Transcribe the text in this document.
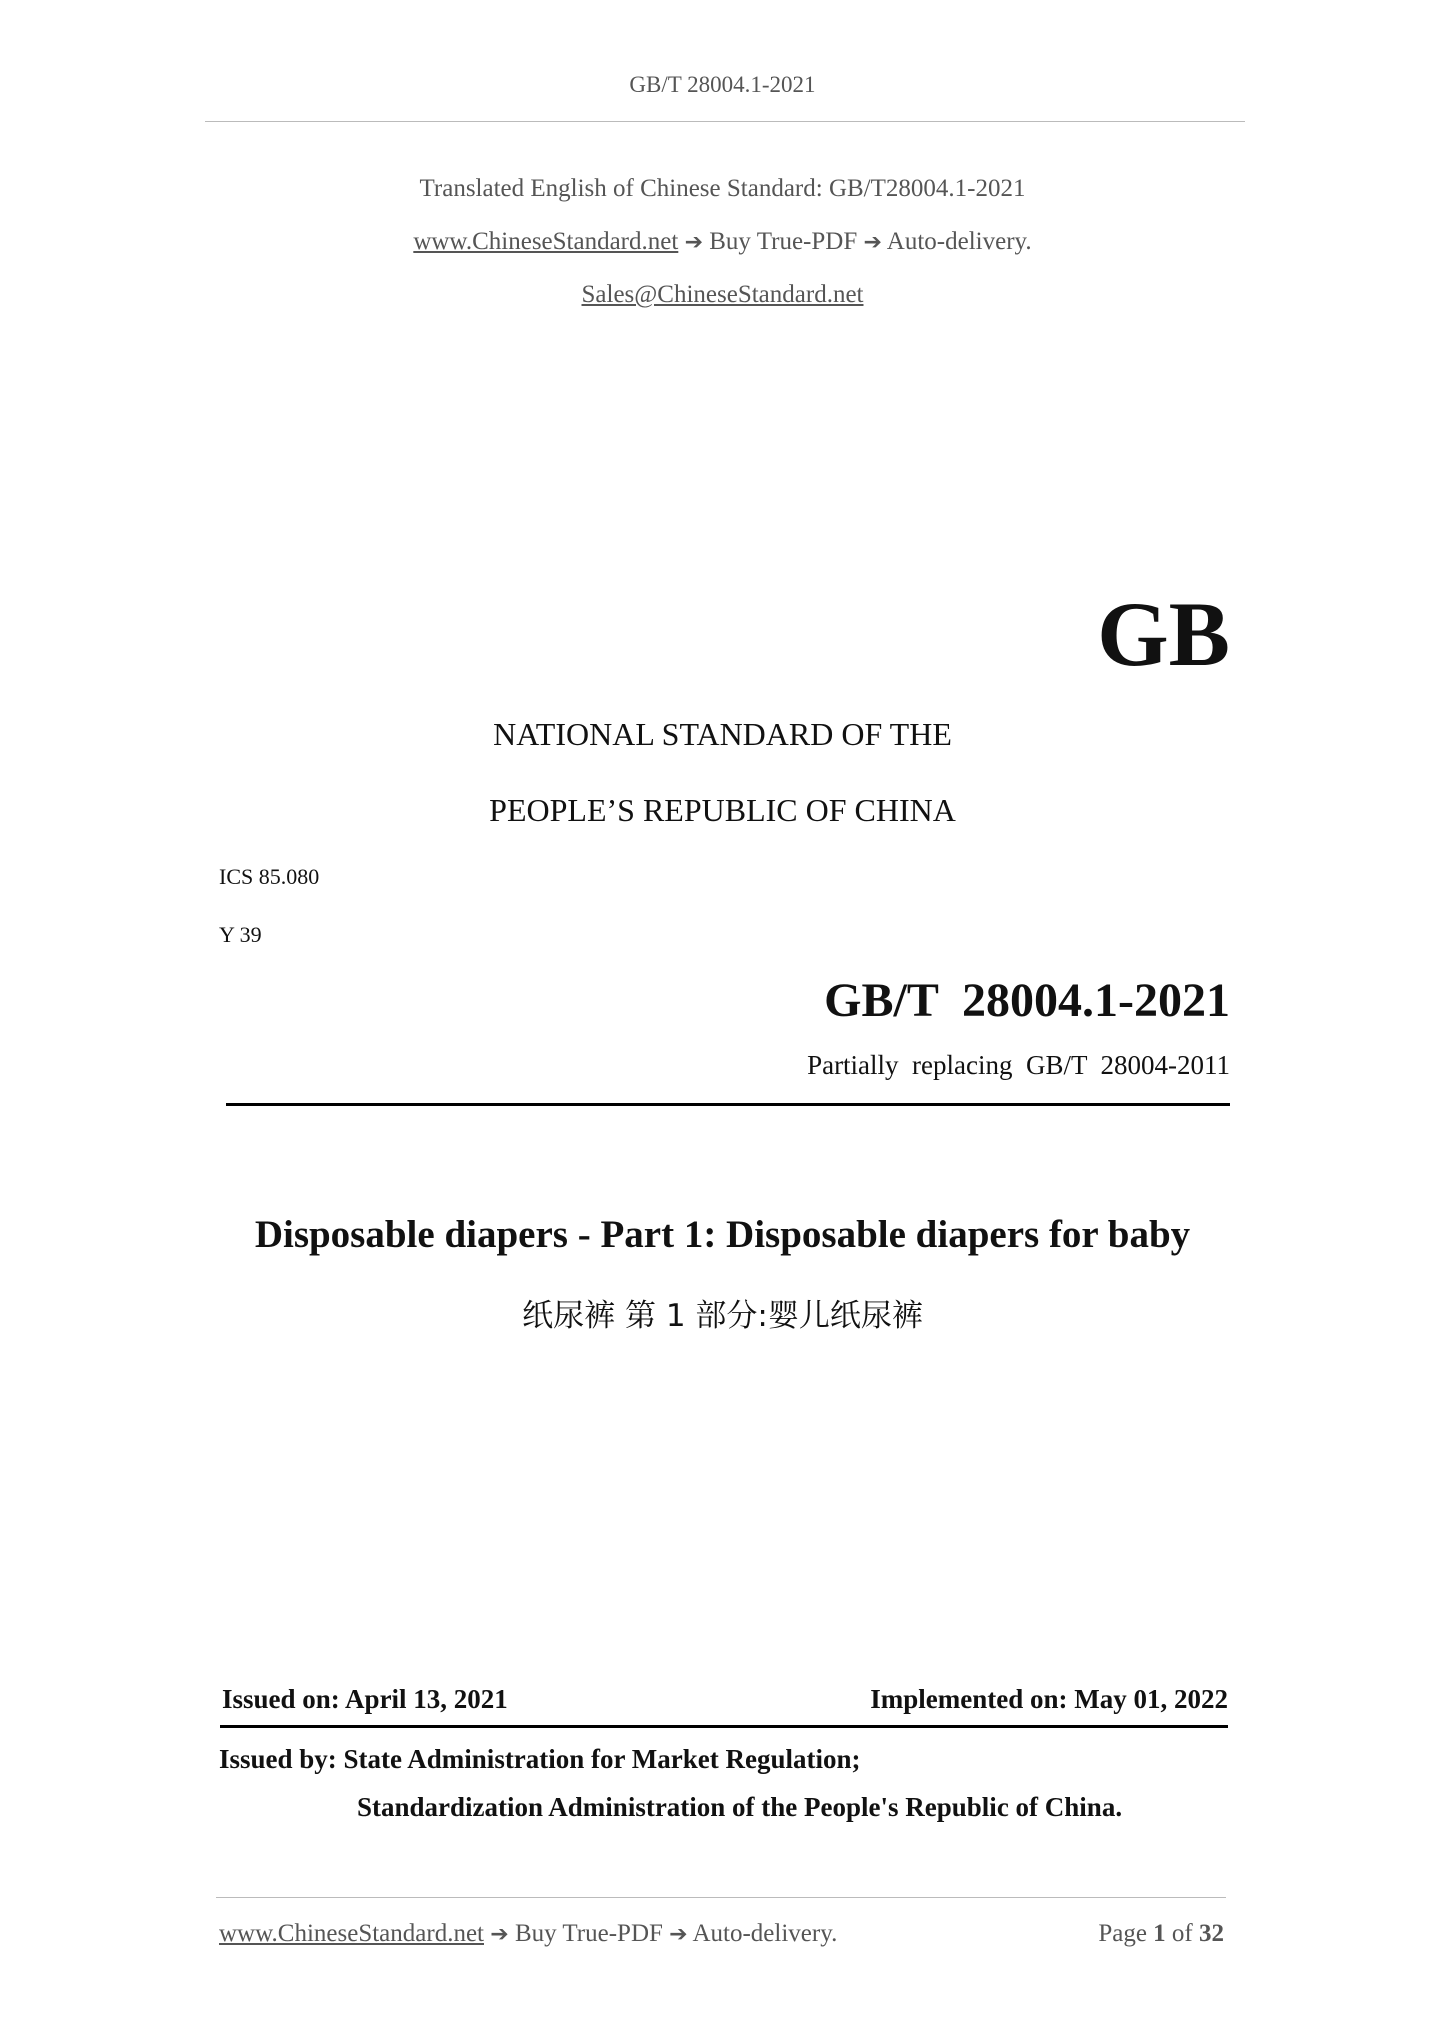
GB/T 28004.1-2021
Translated English of Chinese Standard: GB/T28004.1-2021
www.ChineseStandard.net ➔ Buy True-PDF ➔ Auto-delivery.
Sales@ChineseStandard.net
GB
NATIONAL STANDARD OF THE
PEOPLE’S REPUBLIC OF CHINA
ICS 85.080
Y 39
GB/T  28004.1-2021
Partially  replacing  GB/T  28004-2011
Disposable diapers - Part 1: Disposable diapers for baby
纸尿裤 第 1 部分:婴儿纸尿裤
Issued on: April 13, 2021	Implemented on: May 01, 2022
Issued by: State Administration for Market Regulation;
Standardization Administration of the People's Republic of China.
www.ChineseStandard.net ➔ Buy True-PDF ➔ Auto-delivery.	Page 1 of 32
